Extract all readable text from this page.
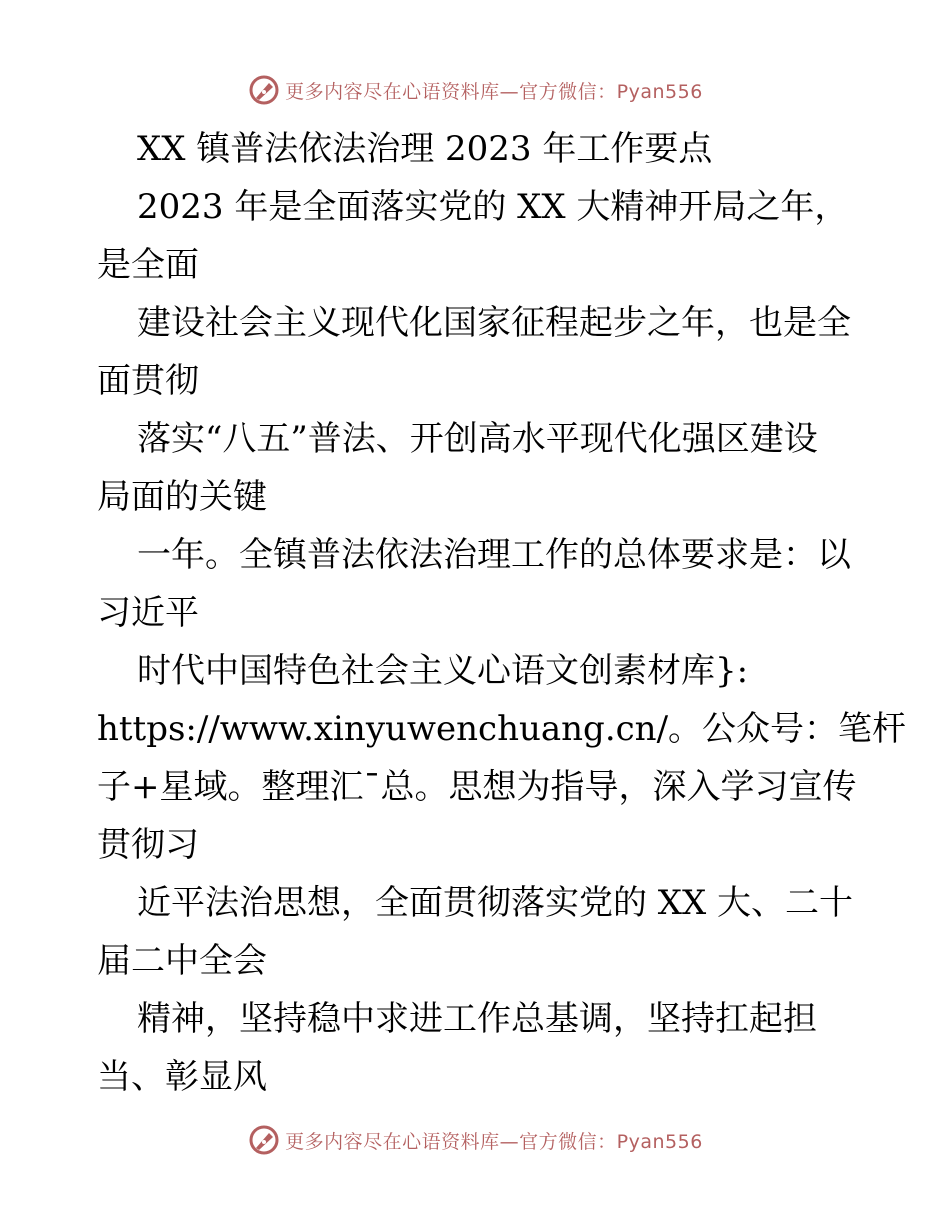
更多内容尽在心语资料库—官方微信：Pyan556
XX 镇普法依法治理 2023 年工作要点
2023 年是全面落实党的 XX 大精神开局之年，
是全面
建设社会主义现代化国家征程起步之年，也是全
面贯彻
落实“八五”普法、开创高水平现代化强区建设
局面的关键
一年。全镇普法依法治理工作的总体要求是：以
习近平
时代中国特色社会主义心语文创素材库}:
https://www.xinyuwenchuang.cn/。公众号：笔杆
子+星域。整理汇¯总。思想为指导，深入学习宣传
贯彻习
近平法治思想，全面贯彻落实党的 XX 大、二十
届二中全会
精神，坚持稳中求进工作总基调，坚持扛起担
当、彰显风
更多内容尽在心语资料库—官方微信：Pyan556
